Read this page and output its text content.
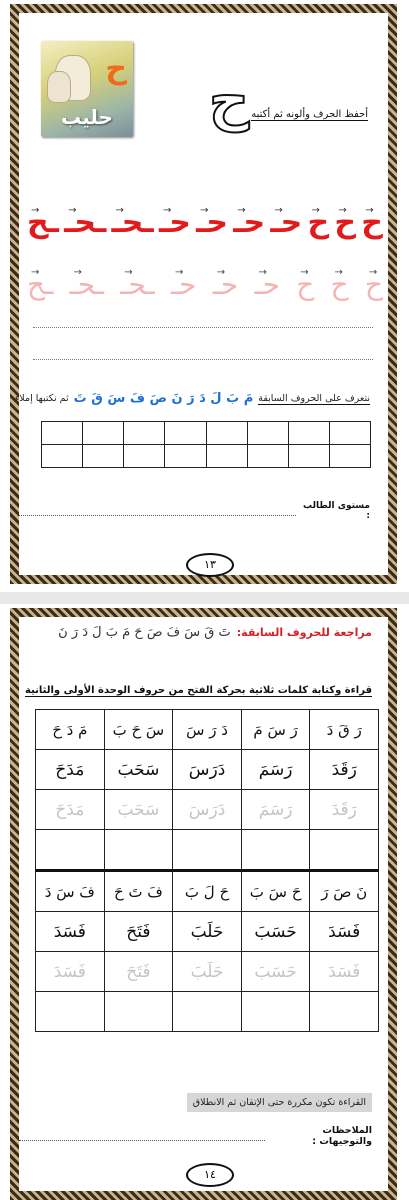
ح
حليب	ح أحفظ الحرف وألونه ثم أكتبه
→ ح
→ ح
→ ح
→ حـ
→ حـ
→ حـ
→ حـ
→ ـحـ
→ ـحـ
→ ـح
→ ح
→ ح
→ ح
→ حـ
→ حـ
→ حـ
→ ـحـ
→ ـحـ
→ ـح
نتعرف على الحروف السابقة
مَ بَ لَ دَ رَ نَ صَ فَ سَ قَ تَ
ثم نكتبها إملاء

مستوى الطالب :
١٣
مراجعة للحروف السابقة:
تَ قَ سَ فَ صَ حَ مَ بَ لَ دَ رَ نَ
قراءة وكتابة كلمات ثلاثية بحركة الفتح من حروف الوحدة الأولى والثانية
رَ قَ دَ	رَ سَ مَ	دَ رَ سَ	سَ حَ بَ	مَ دَ حَ
رَقَدَ	رَسَمَ	دَرَسَ	سَحَبَ	مَدَحَ
رَقَدَ	رَسَمَ	دَرَسَ	سَحَبَ	مَدَحَ

نَ صَ رَ	حَ سَ بَ	حَ لَ بَ	فَ تَ حَ	فَ سَ دَ
فَسَدَ	حَسَبَ	حَلَبَ	فَتَحَ	فَسَدَ
فَسَدَ	حَسَبَ	حَلَبَ	فَتَحَ	فَسَدَ

القراءة تكون مكررة حتى الإتقان ثم الانطلاق
الملاحظات والتوجيهات :
١٤
